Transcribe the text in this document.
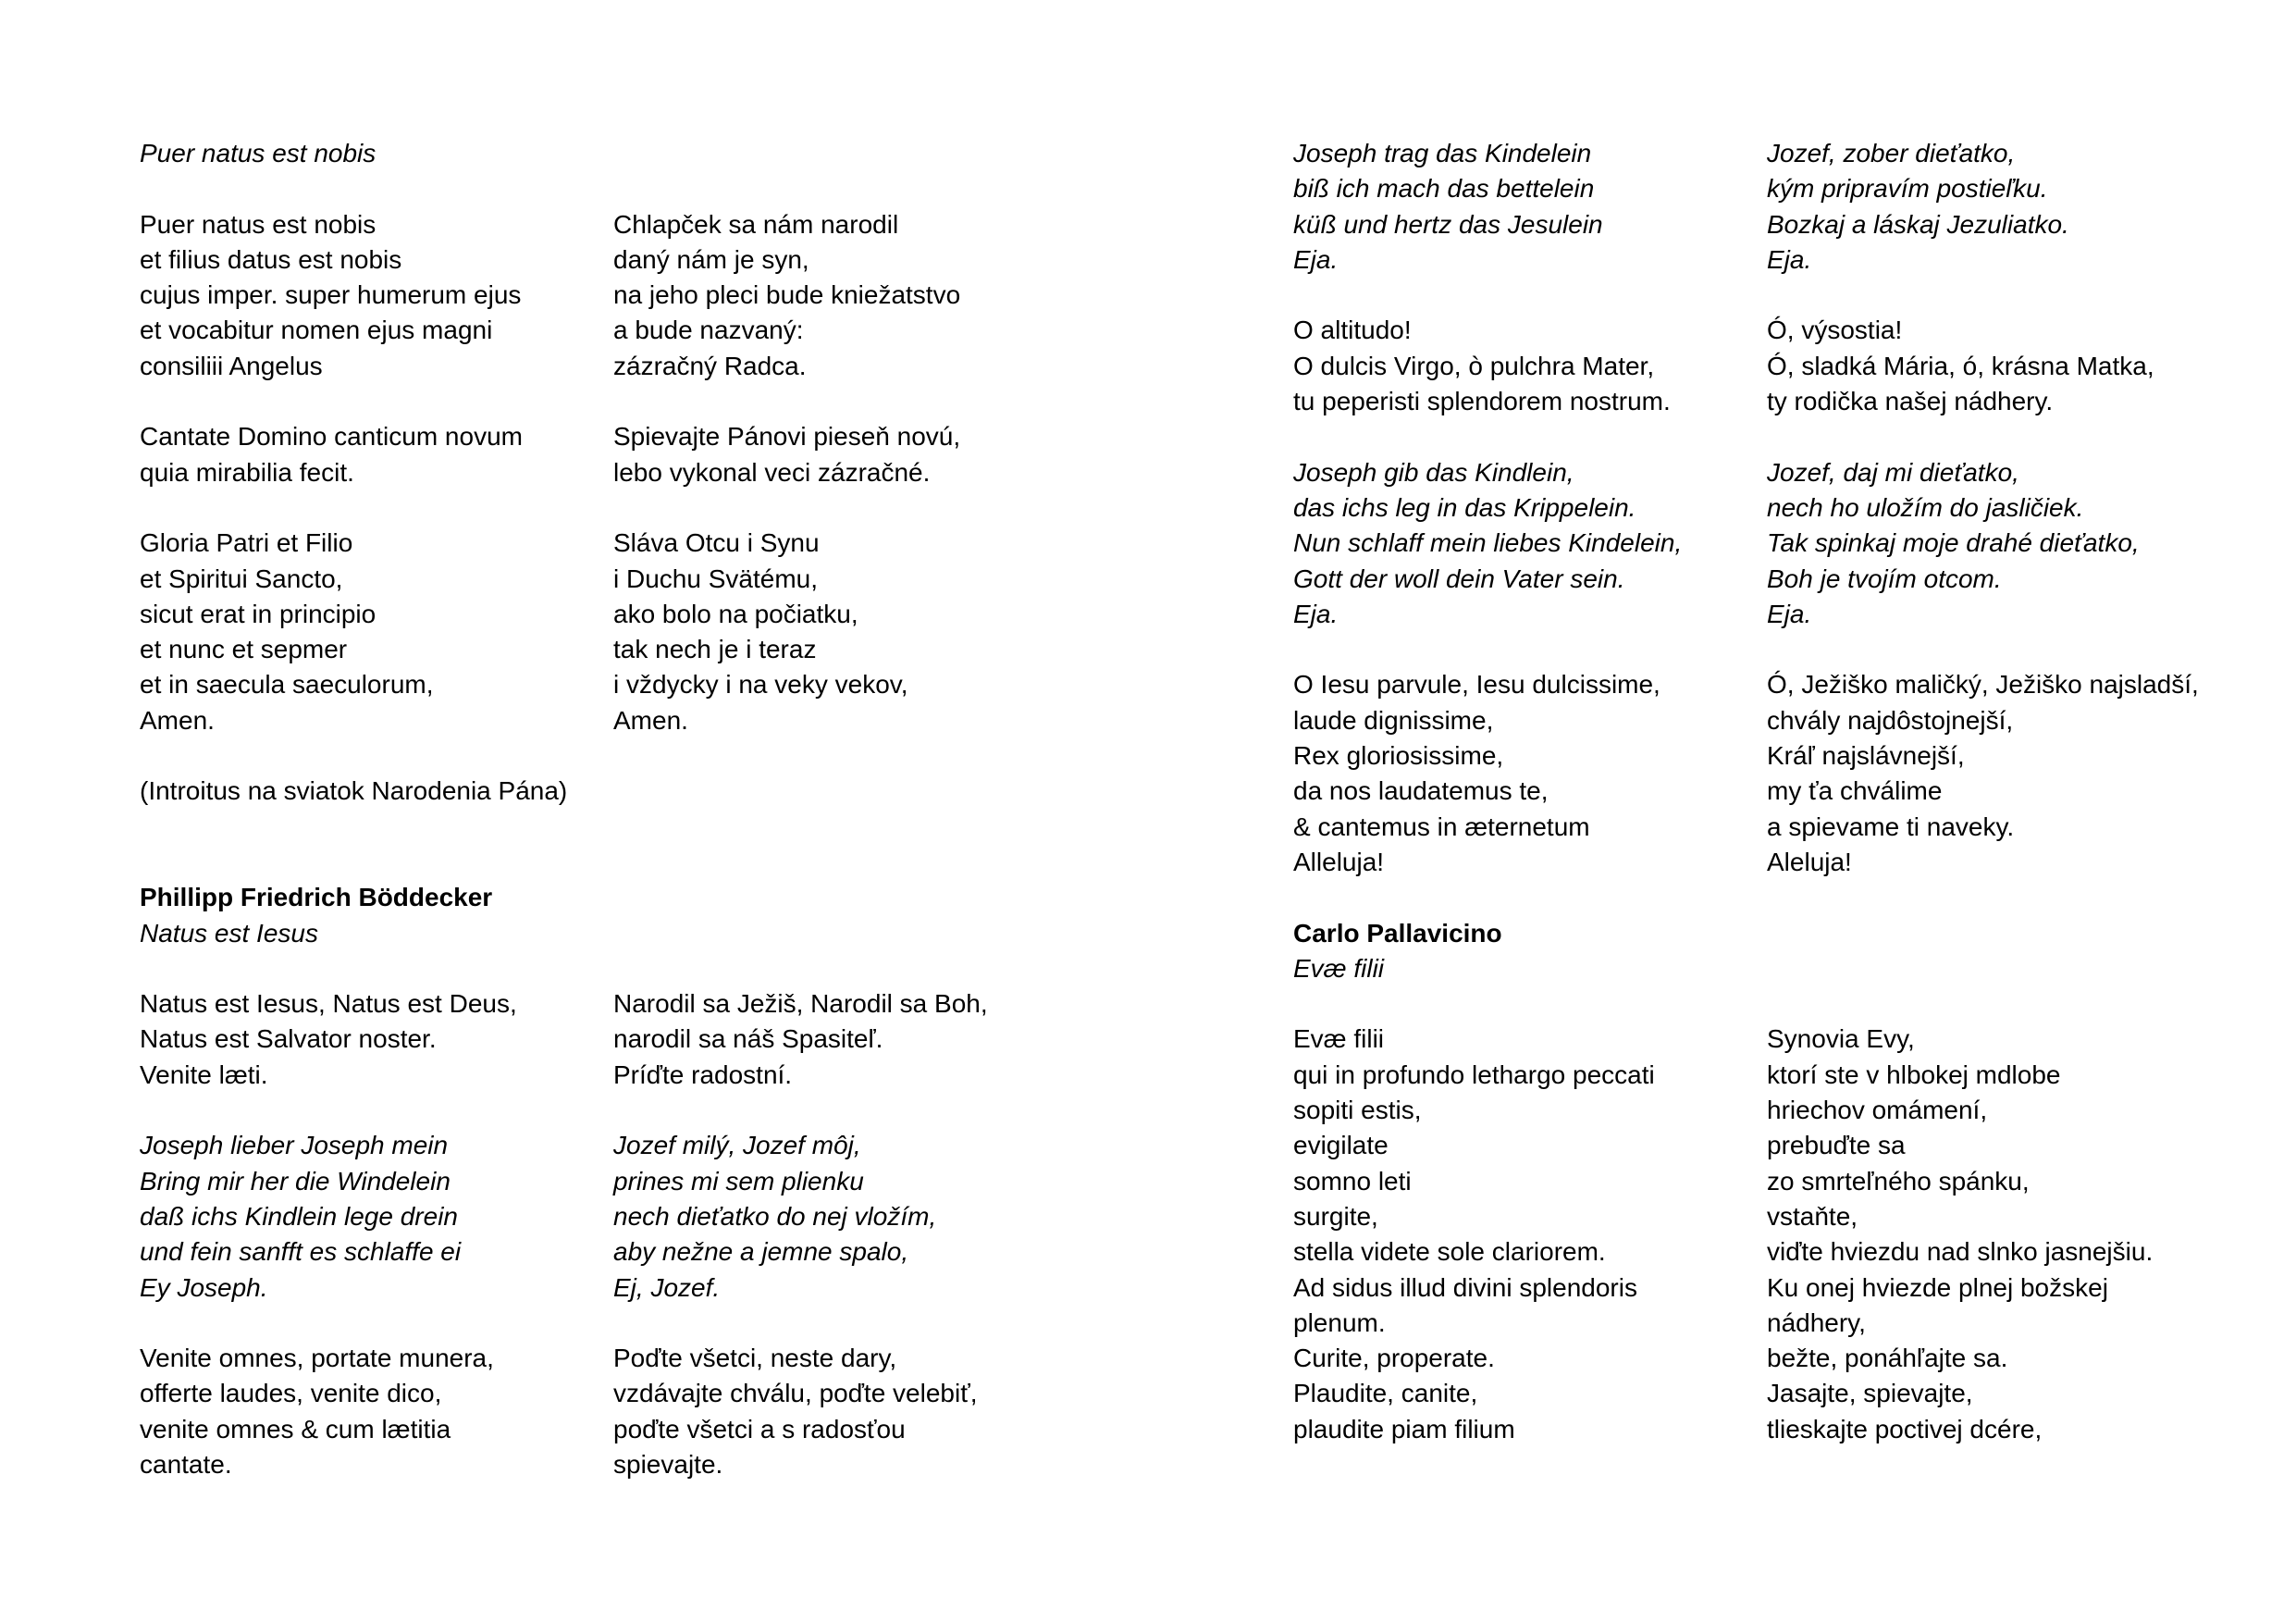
Puer natus est nobis
Puer natus est nobis
et filius datus est nobis
cujus imper. super humerum ejus
et vocabitur nomen ejus magni
consiliii Angelus
Cantate Domino canticum novum
quia mirabilia fecit.
Gloria Patri et Filio
et Spiritui Sancto,
sicut erat in principio
et nunc et sepmer
et in saecula saeculorum,
Amen.
(Introitus na sviatok Narodenia Pána)
Phillipp Friedrich Böddecker
Natus est Iesus
Natus est Iesus, Natus est Deus,
Natus est Salvator noster.
Venite læti.
Joseph lieber Joseph mein
Bring mir her die Windelein
daß ichs Kindlein lege drein
und fein sanfft es schlaffe ei
Ey Joseph.
Venite omnes, portate munera,
offerte laudes, venite dico,
venite omnes & cum lætitia
cantate.
Chlapček sa nám narodil
daný nám je syn,
na jeho pleci bude kniežatstvo
a bude nazvaný:
zázračný Radca.
Spievajte Pánovi pieseň novú,
lebo vykonal veci zázračné.
Sláva Otcu i Synu
i Duchu Svätému,
ako bolo na počiatku,
tak nech je i teraz
i vždycky i na veky vekov,
Amen.
Narodil sa Ježiš, Narodil sa Boh,
narodil sa náš Spasiteľ.
Príďte radostní.
Jozef milý, Jozef môj,
prines mi sem plienku
nech dieťatko do nej vložím,
aby nežne a jemne spalo,
Ej, Jozef.
Poďte všetci, neste dary,
vzdávajte chválu, poďte velebiť,
poďte všetci a s radosťou
spievajte.
Joseph trag das Kindelein
biß ich mach das bettelein
küß und hertz das Jesulein
Eja.
O altitudo!
O dulcis Virgo, ò pulchra Mater,
tu peperisti splendorem nostrum.
Joseph gib das Kindlein,
das ichs leg in das Krippelein.
Nun schlaff mein liebes Kindelein,
Gott der woll dein Vater sein.
Eja.
O Iesu parvule, Iesu dulcissime,
laude dignissime,
Rex gloriosissime,
da nos laudatemus te,
& cantemus in æternetum
Alleluja!
Carlo Pallavicino
Evæ filii
Evæ filii
qui in profundo lethargo peccati
sopiti estis,
evigilate
somno leti
surgite,
stella videte sole clariorem.
Ad sidus illud divini splendoris
plenum.
Curite, properate.
Plaudite, canite,
plaudite piam filium
Jozef, zober dieťatko,
kým pripravím postieľku.
Bozkaj a láskaj Jezuliatko.
Eja.
Ó, výsostia!
Ó, sladká Mária, ó, krásna Matka,
ty rodička našej nádhery.
Jozef, daj mi dieťatko,
nech ho uložím do jasličiek.
Tak spinkaj moje drahé dieťatko,
Boh je tvojím otcom.
Eja.
Ó, Ježiško maličký, Ježiško najsladší,
chvály najdôstojnejší,
Kráľ najslávnejší,
my ťa chválime
a spievame ti naveky.
Aleluja!
Synovia Evy,
ktorí ste v hlbokej mdlobe
hriechov omámení,
prebuďte sa
zo smrteľného spánku,
vstaňte,
viďte hviezdu nad slnko jasnejšiu.
Ku onej hviezde plnej božskej
nádhery,
bežte, ponáhľajte sa.
Jasajte, spievajte,
tlieskajte poctivej dcére,
